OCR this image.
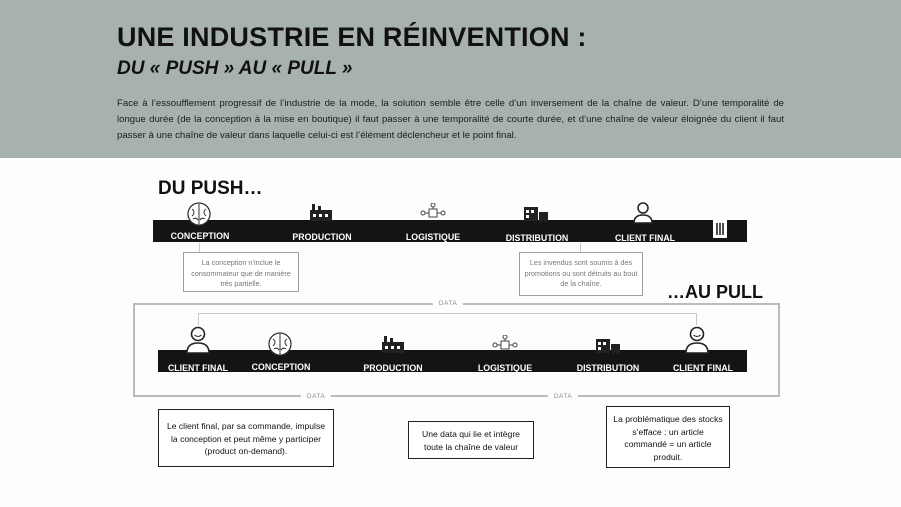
UNE INDUSTRIE EN RÉINVENTION :
DU « PUSH » AU « PULL »
Face à l’essoufflement progressif de l’industrie de la mode, la solution semble être celle d’un inversement de la chaîne de valeur. D’une temporalité de longue durée (de la conception à la mise en boutique) il faut passer à une temporalité de courte durée, et d’une chaîne de valeur éloignée du client il faut passer à une chaîne de valeur dans laquelle celui-ci est l’élément déclencheur et le point final.
DU PUSH…
CONCEPTION	PRODUCTION	LOGISTIQUE	DISTRIBUTION	CLIENT FINAL
La conception n’inclue le consommateur que de manière très partielle.
Les invendus sont soumis à des promotions ou sont détruits au bout de la chaîne.	…AU PULL
DATA
DATA	DATA
CLIENT FINAL	CONCEPTION	PRODUCTION	LOGISTIQUE	DISTRIBUTION	CLIENT FINAL
Le client final, par sa commande, impulse la conception et peut même y participer (product on-demand).
Une data qui lie et intègre toute la chaîne de valeur
La problématique des stocks s’efface : un article commandé = un article produit.
